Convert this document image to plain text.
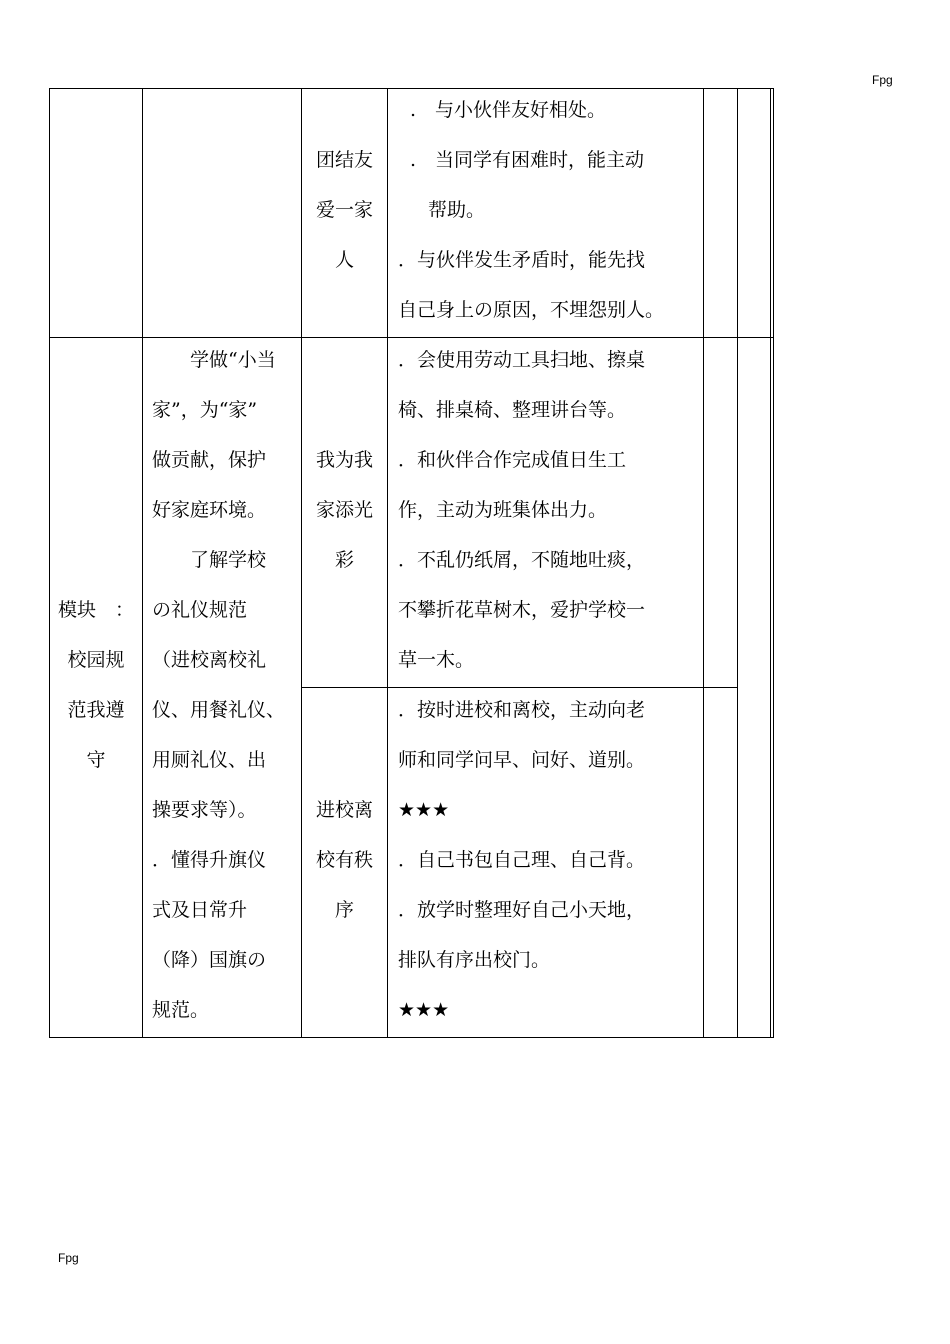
Fpg
团结友
爱一家
人
.　与小伙伴友好相处。
.　当同学有困难时，能主动
帮助。
．与伙伴发生矛盾时，能先找
自己身上の原因，不埋怨别人。
模块　：
校园规
范我遵
守
学做“小当
家”，为“家”
做贡献，保护
好家庭环境。
了解学校
の礼仪规范
（进校离校礼
仪、用餐礼仪、
用厕礼仪、出
操要求等）。
．懂得升旗仪
式及日常升
（降）国旗の
规范。
我为我
家添光
彩
．会使用劳动工具扫地、擦桌
椅、排桌椅、整理讲台等。
．和伙伴合作完成值日生工
作，主动为班集体出力。
．不乱仍纸屑，不随地吐痰，
不攀折花草树木，爱护学校一
草一木。
进校离
校有秩
序
．按时进校和离校，主动向老
师和同学问早、问好、道别。
★★★
．自己书包自己理、自己背。
．放学时整理好自己小天地，
排队有序出校门。
★★★
Fpg
